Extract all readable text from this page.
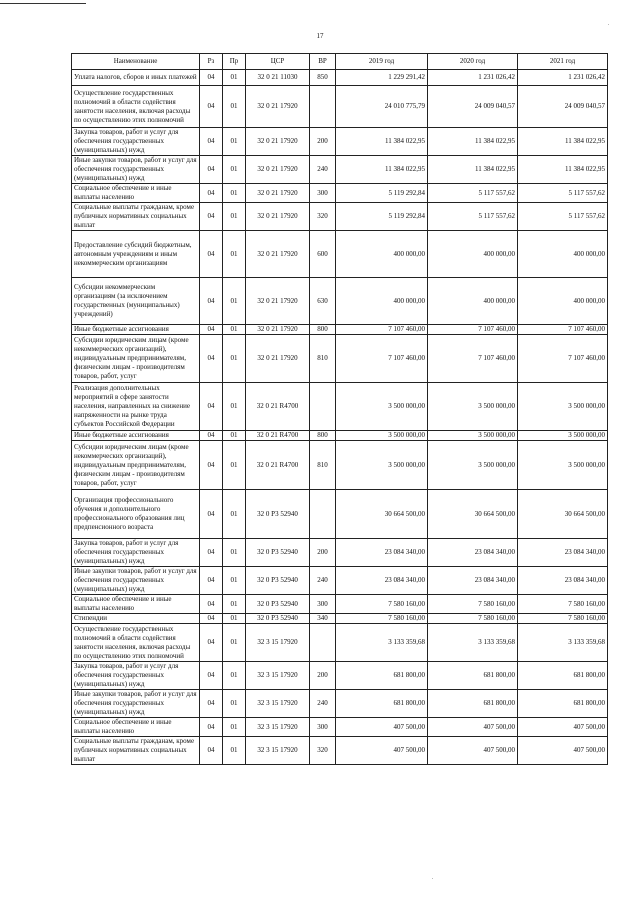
17
Наименование	Рз	Пр	ЦСР	ВР	2019 год	2020 год	2021 год
Уплата налогов, сборов и иных платежей	04	01	32 0 21 11030	850	1 229 291,42	1 231 026,42	1 231 026,42
Осуществление государственных полномочий в области содействия занятости населения, включая расходы по осуществлению этих полномочий	04	01	32 0 21 17920		24 010 775,79	24 009 040,57	24 009 040,57
Закупка товаров, работ и услуг для обеспечения государственных (муниципальных) нужд	04	01	32 0 21 17920	200	11 384 022,95	11 384 022,95	11 384 022,95
Иные закупки товаров, работ и услуг для обеспечения государственных (муниципальных) нужд	04	01	32 0 21 17920	240	11 384 022,95	11 384 022,95	11 384 022,95
Социальное обеспечение и иные выплаты населению	04	01	32 0 21 17920	300	5 119 292,84	5 117 557,62	5 117 557,62
Социальные выплаты гражданам, кроме публичных нормативных социальных выплат	04	01	32 0 21 17920	320	5 119 292,84	5 117 557,62	5 117 557,62
Предоставление субсидий бюджетным, автономным учреждениям и иным некоммерческим организациям	04	01	32 0 21 17920	600	400 000,00	400 000,00	400 000,00
Субсидии некоммерческим организациям (за исключением государственных (муниципальных) учреждений)	04	01	32 0 21 17920	630	400 000,00	400 000,00	400 000,00
Иные бюджетные ассигнования	04	01	32 0 21 17920	800	7 107 460,00	7 107 460,00	7 107 460,00
Субсидии юридическим лицам (кроме некоммерческих организаций), индивидуальным предпринимателям, физическим лицам - производителям товаров, работ, услуг	04	01	32 0 21 17920	810	7 107 460,00	7 107 460,00	7 107 460,00
Реализация дополнительных мероприятий в сфере занятости населения, направленных на снижение напряженности на рынке труда субъектов Российской Федерации	04	01	32 0 21 R4700		3 500 000,00	3 500 000,00	3 500 000,00
Иные бюджетные ассигнования	04	01	32 0 21 R4700	800	3 500 000,00	3 500 000,00	3 500 000,00
Субсидии юридическим лицам (кроме некоммерческих организаций), индивидуальным предпринимателям, физическим лицам - производителям товаров, работ, услуг	04	01	32 0 21 R4700	810	3 500 000,00	3 500 000,00	3 500 000,00
Организация профессионального обучения и дополнительного профессионального образования лиц предпенсионного возраста	04	01	32 0 P3 52940		30 664 500,00	30 664 500,00	30 664 500,00
Закупка товаров, работ и услуг для обеспечения государственных (муниципальных) нужд	04	01	32 0 P3 52940	200	23 084 340,00	23 084 340,00	23 084 340,00
Иные закупки товаров, работ и услуг для обеспечения государственных (муниципальных) нужд	04	01	32 0 P3 52940	240	23 084 340,00	23 084 340,00	23 084 340,00
Социальное обеспечение и иные выплаты населению	04	01	32 0 P3 52940	300	7 580 160,00	7 580 160,00	7 580 160,00
Стипендии	04	01	32 0 P3 52940	340	7 580 160,00	7 580 160,00	7 580 160,00
Осуществление государственных полномочий в области содействия занятости населения, включая расходы по осуществлению этих полномочий	04	01	32 3 15 17920		3 133 359,68	3 133 359,68	3 133 359,68
Закупка товаров, работ и услуг для обеспечения государственных (муниципальных) нужд	04	01	32 3 15 17920	200	681 800,00	681 800,00	681 800,00
Иные закупки товаров, работ и услуг для обеспечения государственных (муниципальных) нужд	04	01	32 3 15 17920	240	681 800,00	681 800,00	681 800,00
Социальное обеспечение и иные выплаты населению	04	01	32 3 15 17920	300	407 500,00	407 500,00	407 500,00
Социальные выплаты гражданам, кроме публичных нормативных социальных выплат	04	01	32 3 15 17920	320	407 500,00	407 500,00	407 500,00
